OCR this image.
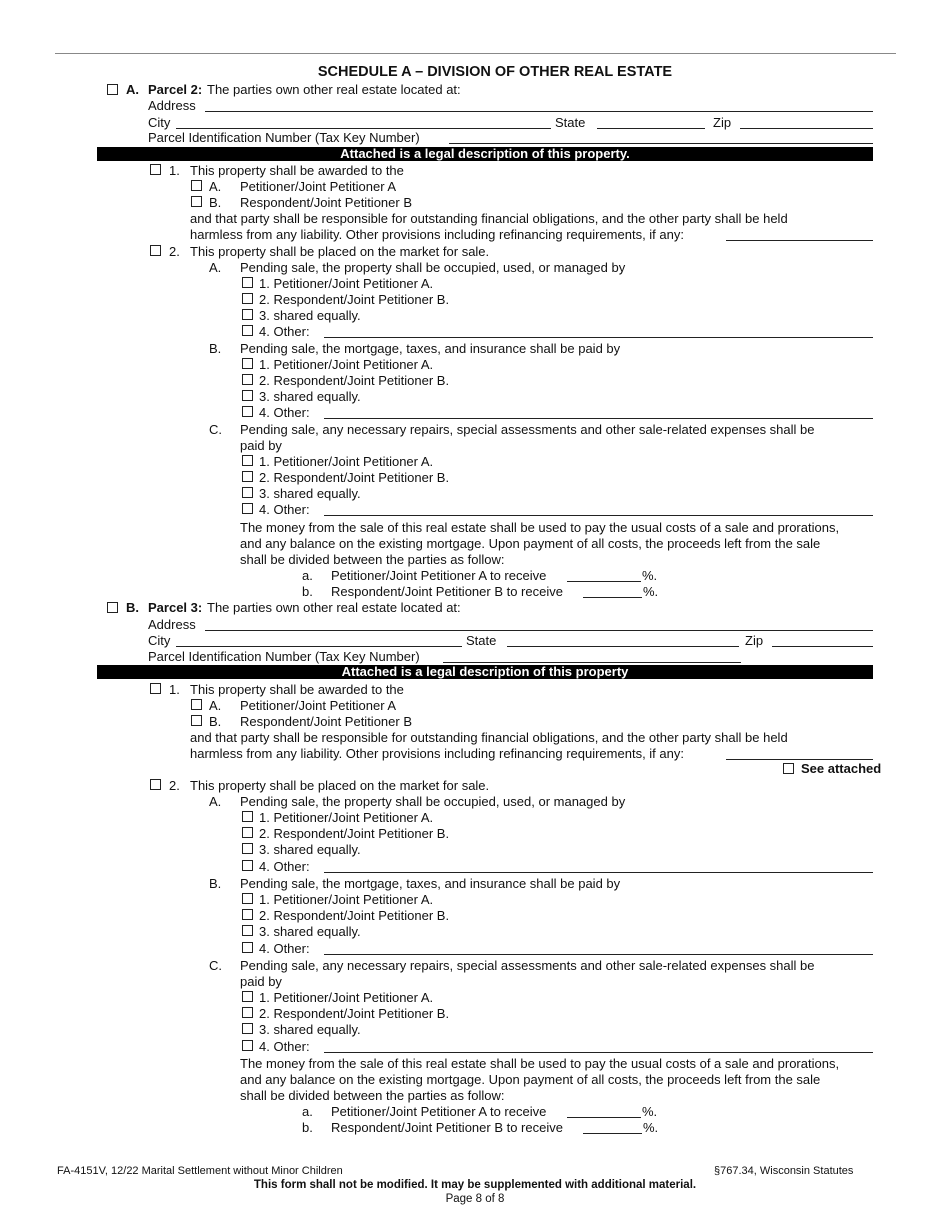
SCHEDULE A – DIVISION OF OTHER REAL ESTATE
A. Parcel 2: The parties own other real estate located at:
Address
City	State	Zip
Parcel Identification Number (Tax Key Number)
Attached is a legal description of this property.
1. This property shall be awarded to the
A. Petitioner/Joint Petitioner A
B. Respondent/Joint Petitioner B
and that party shall be responsible for outstanding financial obligations, and the other party shall be held
harmless from any liability. Other provisions including refinancing requirements, if any:
2. This property shall be placed on the market for sale.
A. Pending sale, the property shall be occupied, used, or managed by
1. Petitioner/Joint Petitioner A.
2. Respondent/Joint Petitioner B.
3. shared equally.
4. Other:
B. Pending sale, the mortgage, taxes, and insurance shall be paid by
1. Petitioner/Joint Petitioner A.
2. Respondent/Joint Petitioner B.
3. shared equally.
4. Other:
C. Pending sale, any necessary repairs, special assessments and other sale-related expenses shall be
paid by
1. Petitioner/Joint Petitioner A.
2. Respondent/Joint Petitioner B.
3. shared equally.
4. Other:
The money from the sale of this real estate shall be used to pay the usual costs of a sale and prorations,
and any balance on the existing mortgage. Upon payment of all costs, the proceeds left from the sale
shall be divided between the parties as follow:
a. Petitioner/Joint Petitioner A to receive	%.
b. Respondent/Joint Petitioner B to receive	%.
B. Parcel 3: The parties own other real estate located at:
Address
City	State	Zip
Parcel Identification Number (Tax Key Number)
Attached is a legal description of this property
1. This property shall be awarded to the
A. Petitioner/Joint Petitioner A
B. Respondent/Joint Petitioner B
and that party shall be responsible for outstanding financial obligations, and the other party shall be held
harmless from any liability. Other provisions including refinancing requirements, if any:
See attached
2. This property shall be placed on the market for sale.
A. Pending sale, the property shall be occupied, used, or managed by
1. Petitioner/Joint Petitioner A.
2. Respondent/Joint Petitioner B.
3. shared equally.
4. Other:
B. Pending sale, the mortgage, taxes, and insurance shall be paid by
1. Petitioner/Joint Petitioner A.
2. Respondent/Joint Petitioner B.
3. shared equally.
4. Other:
C. Pending sale, any necessary repairs, special assessments and other sale-related expenses shall be
paid by
1. Petitioner/Joint Petitioner A.
2. Respondent/Joint Petitioner B.
3. shared equally.
4. Other:
The money from the sale of this real estate shall be used to pay the usual costs of a sale and prorations,
and any balance on the existing mortgage. Upon payment of all costs, the proceeds left from the sale
shall be divided between the parties as follow:
a. Petitioner/Joint Petitioner A to receive	%.
b. Respondent/Joint Petitioner B to receive	%.
FA-4151V, 12/22 Marital Settlement without Minor Children	§767.34, Wisconsin Statutes
This form shall not be modified. It may be supplemented with additional material.
Page 8 of 8
